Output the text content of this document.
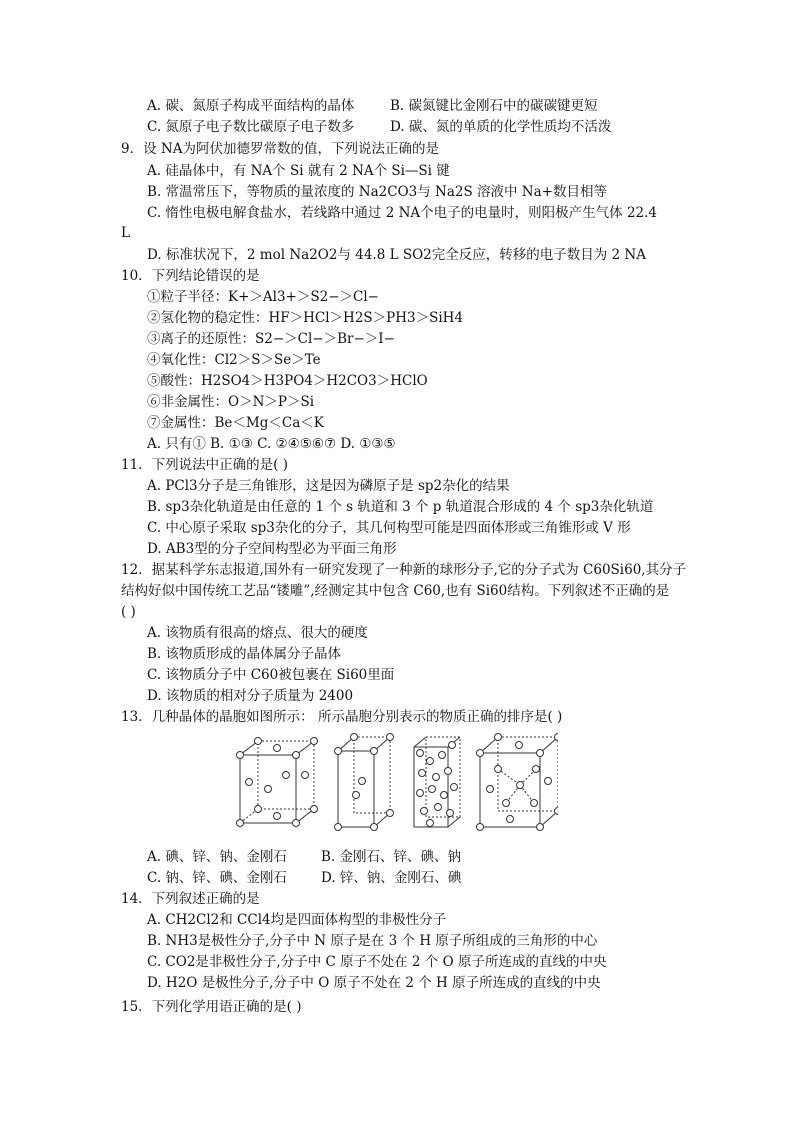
A. 碳、氮原子构成平面结构的晶体	B. 碳氮键比金刚石中的碳碳键更短
C. 氮原子电子数比碳原子电子数多	D. 碳、氮的单质的化学性质均不活泼
9．设 NA为阿伏加德罗常数的值，下列说法正确的是
A. 硅晶体中，有 NA个 Si 就有 2 NA个 Si—Si 键
B. 常温常压下，等物质的量浓度的 Na2CO3与 Na2S 溶液中 Na+数目相等
C. 惰性电极电解食盐水，若线路中通过 2 NA个电子的电量时，则阳极产生气体 22.4
L
D. 标准状况下，2 mol Na2O2与 44.8 L SO2完全反应，转移的电子数目为 2 NA
10．下列结论错误的是
①粒子半径：K+＞Al3+＞S2−＞Cl−
②氢化物的稳定性：HF＞HCl＞H2S＞PH3＞SiH4
③离子的还原性：S2−＞Cl−＞Br−＞I−
④氧化性：Cl2＞S＞Se＞Te
⑤酸性：H2SO4＞H3PO4＞H2CO3＞HClO
⑥非金属性：O＞N＞P＞Si
⑦金属性：Be＜Mg＜Ca＜K
A. 只有① B. ①③ C. ②④⑤⑥⑦ D. ①③⑤
11．下列说法中正确的是( )
A. PCl3分子是三角锥形，这是因为磷原子是 sp2杂化的结果
B. sp3杂化轨道是由任意的 1 个 s 轨道和 3 个 p 轨道混合形成的 4 个 sp3杂化轨道
C. 中心原子采取 sp3杂化的分子，其几何构型可能是四面体形或三角锥形或 V 形
D. AB3型的分子空间构型必为平面三角形
12．据某科学东志报道,国外有一研究发现了一种新的球形分子,它的分子式为 C60Si60,其分子
结构好似中国传统工艺品“镂雕”,经测定其中包含 C60,也有 Si60结构。下列叙述不正确的是
( )
A. 该物质有很高的熔点、很大的硬度
B. 该物质形成的晶体属分子晶体
C. 该物质分子中 C60被包裹在 Si60里面
D. 该物质的相对分子质量为 2400
13．几种晶体的晶胞如图所示： 所示晶胞分别表示的物质正确的排序是( )
A. 碘、锌、钠、金刚石	B. 金刚石、锌、碘、钠
C. 钠、锌、碘、金刚石	D. 锌、钠、金刚石、碘
14．下列叙述正确的是
A. CH2Cl2和 CCl4均是四面体构型的非极性分子
B. NH3是极性分子,分子中 N 原子是在 3 个 H 原子所组成的三角形的中心
C. CO2是非极性分子,分子中 C 原子不处在 2 个 O 原子所连成的直线的中央
D. H2O 是极性分子,分子中 O 原子不处在 2 个 H 原子所连成的直线的中央
15．下列化学用语正确的是( )
